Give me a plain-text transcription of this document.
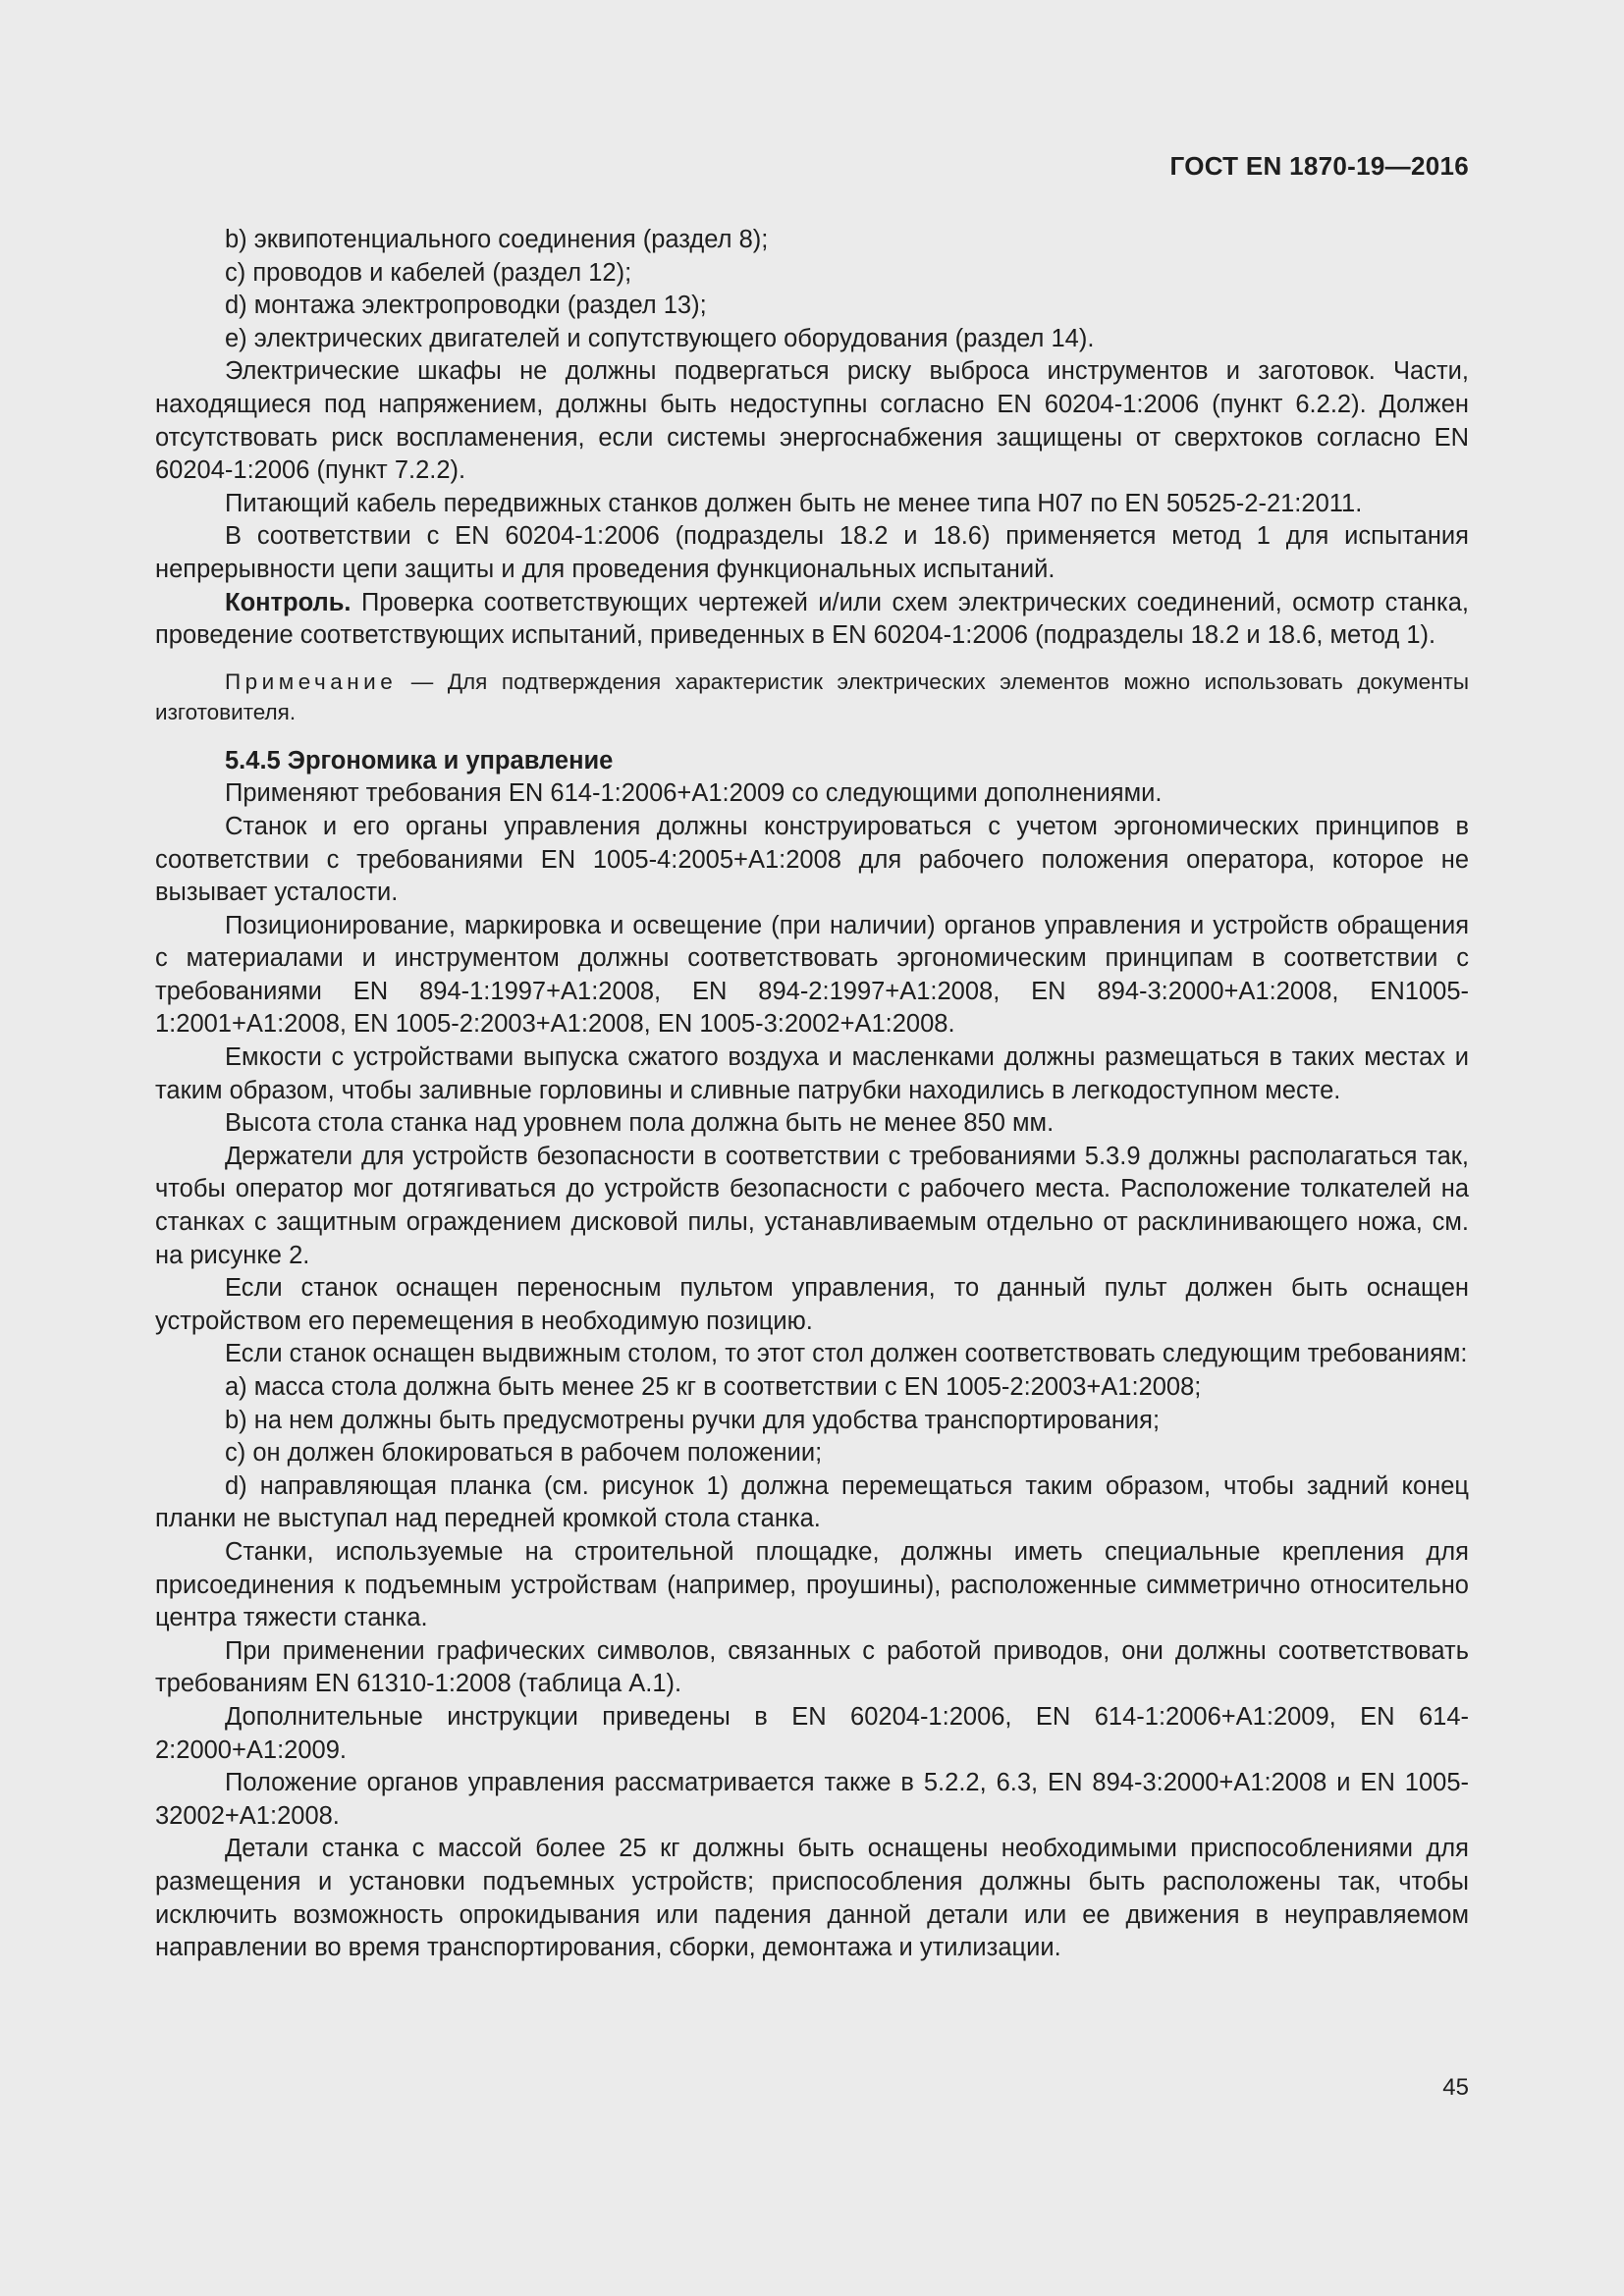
ГОСТ EN 1870-19—2016

b) эквипотенциального соединения (раздел 8);

c) проводов и кабелей (раздел 12);

d) монтажа электропроводки (раздел 13);

e) электрических двигателей и сопутствующего оборудования (раздел 14).

Электрические шкафы не должны подвергаться риску выброса инструментов и заготовок. Части, находящиеся под напряжением, должны быть недоступны согласно EN 60204-1:2006 (пункт 6.2.2). Должен отсутствовать риск воспламенения, если системы энергоснабжения защищены от сверхтоков согласно EN 60204-1:2006 (пункт 7.2.2).

Питающий кабель передвижных станков должен быть не менее типа H07 по EN 50525-2-21:2011.

В соответствии с EN 60204-1:2006 (подразделы 18.2 и 18.6) применяется метод 1 для испытания непрерывности цепи защиты и для проведения функциональных испытаний.

Контроль. Проверка соответствующих чертежей и/или схем электрических соединений, осмотр станка, проведение соответствующих испытаний, приведенных в EN 60204-1:2006 (подразделы 18.2 и 18.6, метод 1).

Примечание — Для подтверждения характеристик электрических элементов можно использовать документы изготовителя.

5.4.5 Эргономика и управление

Применяют требования EN 614-1:2006+A1:2009 со следующими дополнениями.

Станок и его органы управления должны конструироваться с учетом эргономических принципов в соответствии с требованиями EN 1005-4:2005+A1:2008 для рабочего положения оператора, которое не вызывает усталости.

Позиционирование, маркировка и освещение (при наличии) органов управления и устройств обращения с материалами и инструментом должны соответствовать эргономическим принципам в соответствии с требованиями EN 894-1:1997+A1:2008, EN 894-2:1997+A1:2008, EN 894-3:2000+A1:2008, EN1005-1:2001+A1:2008, EN 1005-2:2003+A1:2008, EN 1005-3:2002+A1:2008.

Емкости с устройствами выпуска сжатого воздуха и масленками должны размещаться в таких местах и таким образом, чтобы заливные горловины и сливные патрубки находились в легкодоступном месте.

Высота стола станка над уровнем пола должна быть не менее 850 мм.

Держатели для устройств безопасности в соответствии с требованиями 5.3.9 должны располагаться так, чтобы оператор мог дотягиваться до устройств безопасности с рабочего места. Расположение толкателей на станках с защитным ограждением дисковой пилы, устанавливаемым отдельно от расклинивающего ножа, см. на рисунке 2.

Если станок оснащен переносным пультом управления, то данный пульт должен быть оснащен устройством его перемещения в необходимую позицию.

Если станок оснащен выдвижным столом, то этот стол должен соответствовать следующим требованиям:

a) масса стола должна быть менее 25 кг в соответствии с EN 1005-2:2003+A1:2008;

b) на нем должны быть предусмотрены ручки для удобства транспортирования;

c) он должен блокироваться в рабочем положении;

d) направляющая планка (см. рисунок 1) должна перемещаться таким образом, чтобы задний конец планки не выступал над передней кромкой стола станка.

Станки, используемые на строительной площадке, должны иметь специальные крепления для присоединения к подъемным устройствам (например, проушины), расположенные симметрично относительно центра тяжести станка.

При применении графических символов, связанных с работой приводов, они должны соответствовать требованиям EN 61310-1:2008 (таблица A.1).

Дополнительные инструкции приведены в EN 60204-1:2006, EN 614-1:2006+A1:2009, EN 614-2:2000+A1:2009.

Положение органов управления рассматривается также в 5.2.2, 6.3, EN 894-3:2000+A1:2008 и EN 1005-32002+A1:2008.

Детали станка с массой более 25 кг должны быть оснащены необходимыми приспособлениями для размещения и установки подъемных устройств; приспособления должны быть расположены так, чтобы исключить возможность опрокидывания или падения данной детали или ее движения в неуправляемом направлении во время транспортирования, сборки, демонтажа и утилизации.

45
